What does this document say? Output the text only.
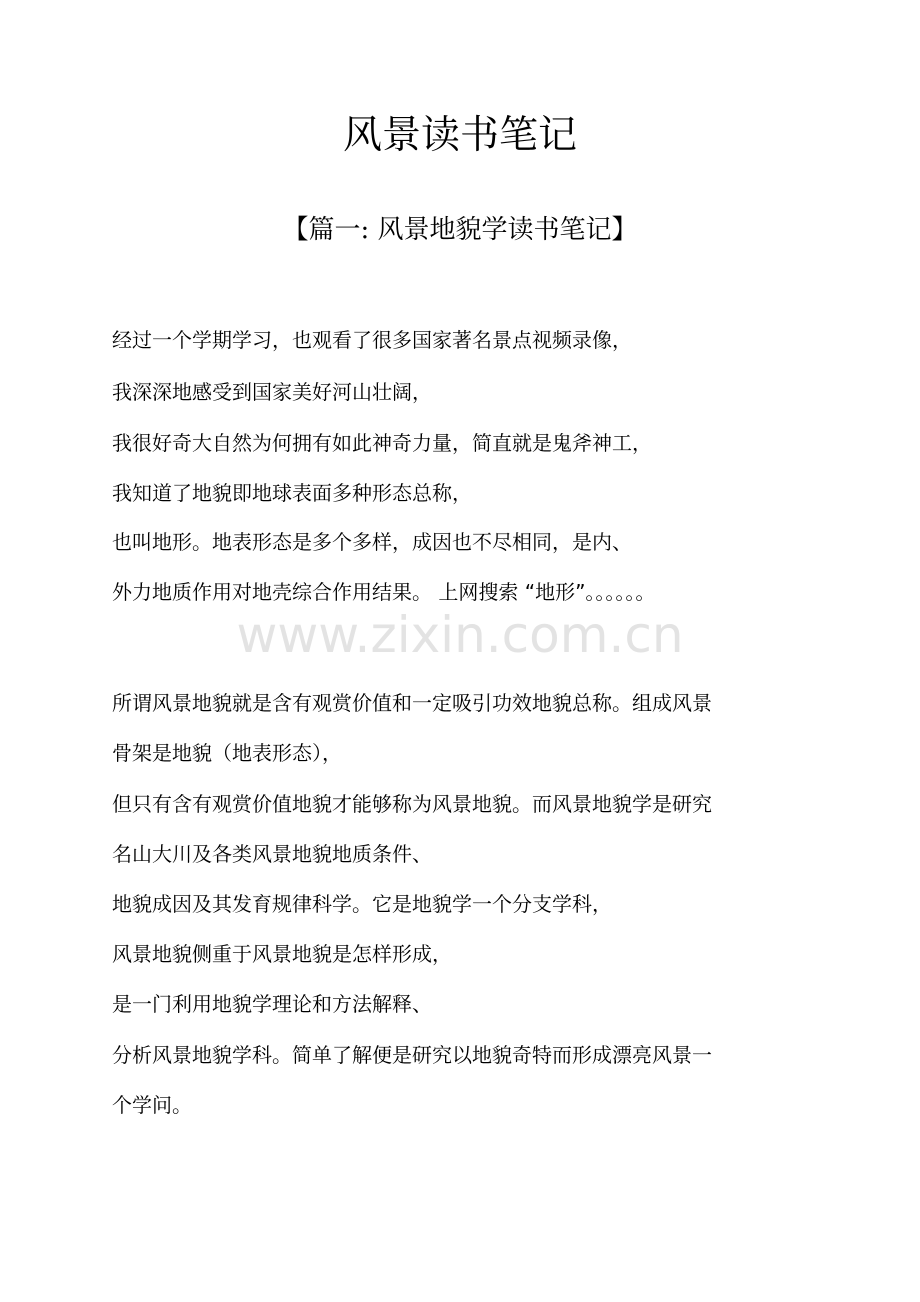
风景读书笔记
【篇一: 风景地貌学读书笔记】
经过一个学期学习，也观看了很多国家著名景点视频录像，
我深深地感受到国家美好河山壮阔，
我很好奇大自然为何拥有如此神奇力量，简直就是鬼斧神工，
我知道了地貌即地球表面多种形态总称，
也叫地形。地表形态是多个多样，成因也不尽相同，是内、
外力地质作用对地壳综合作用结果。 上网搜索 “地形”。。。。。。
www.zixin.com.cn
所谓风景地貌就是含有观赏价值和一定吸引功效地貌总称。组成风景
骨架是地貌（地表形态），
但只有含有观赏价值地貌才能够称为风景地貌。而风景地貌学是研究
名山大川及各类风景地貌地质条件、
地貌成因及其发育规律科学。它是地貌学一个分支学科，
风景地貌侧重于风景地貌是怎样形成，
是一门利用地貌学理论和方法解释、
分析风景地貌学科。简单了解便是研究以地貌奇特而形成漂亮风景一
个学问。
